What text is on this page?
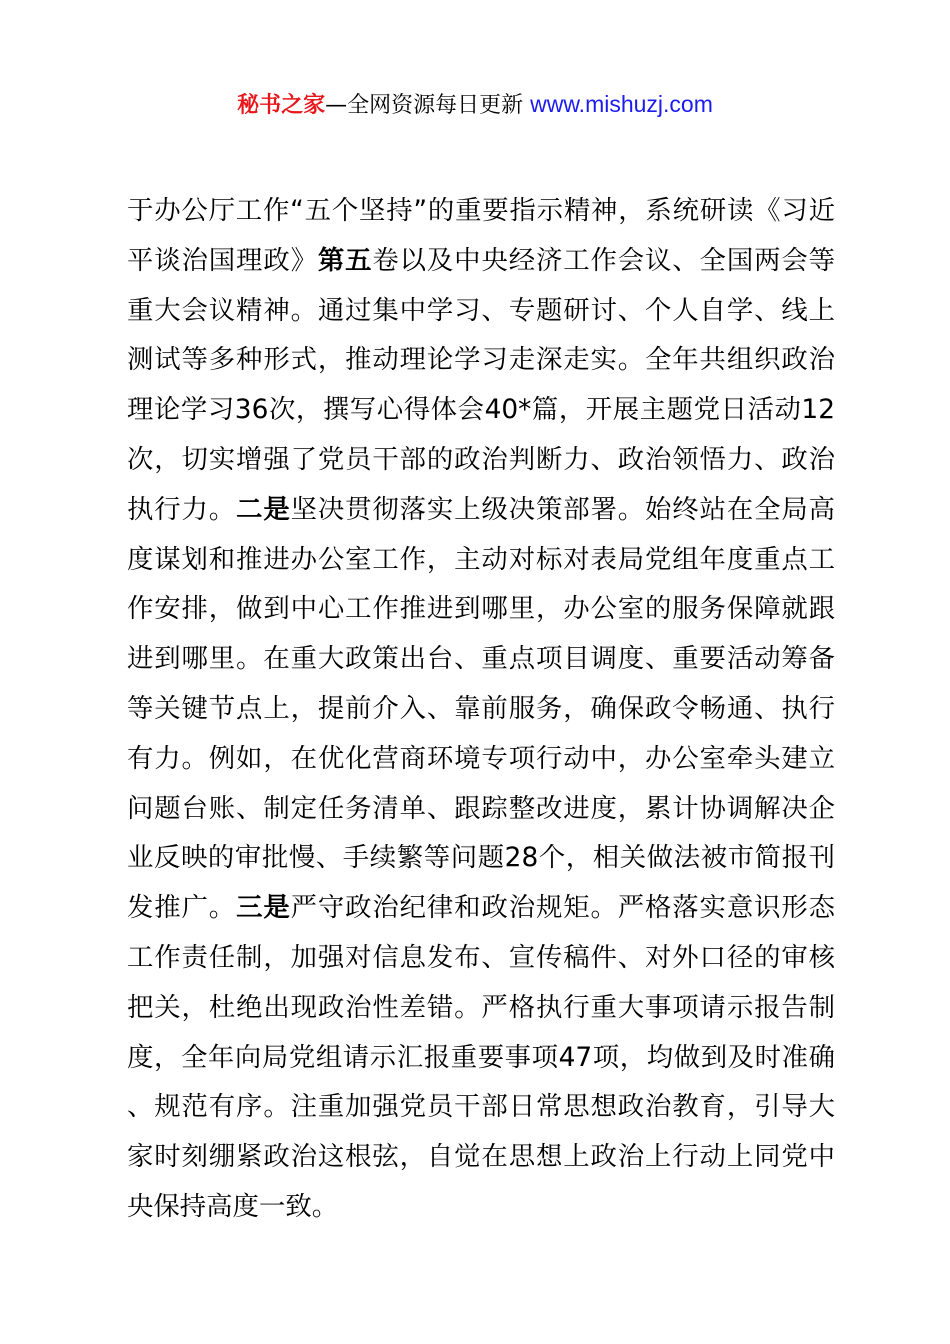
秘书之家—全网资源每日更新 www.mishuzj.com

于办公厅工作“五个坚持”的重要指示精神，系统研读《习近平谈治国理政》第五卷以及中央经济工作会议、全国两会等重大会议精神。通过集中学习、专题研讨、个人自学、线上测试等多种形式，推动理论学习走深走实。全年共组织政治理论学习36次，撰写心得体会40*篇，开展主题党日活动12次，切实增强了党员干部的政治判断力、政治领悟力、政治执行力。二是坚决贯彻落实上级决策部署。始终站在全局高度谋划和推进办公室工作，主动对标对表局党组年度重点工作安排，做到中心工作推进到哪里，办公室的服务保障就跟进到哪里。在重大政策出台、重点项目调度、重要活动筹备等关键节点上，提前介入、靠前服务，确保政令畅通、执行有力。例如，在优化营商环境专项行动中，办公室牵头建立问题台账、制定任务清单、跟踪整改进度，累计协调解决企业反映的审批慢、手续繁等问题28个，相关做法被市简报刊发推广。三是严守政治纪律和政治规矩。严格落实意识形态工作责任制，加强对信息发布、宣传稿件、对外口径的审核把关，杜绝出现政治性差错。严格执行重大事项请示报告制度，全年向局党组请示汇报重要事项47项，均做到及时准确、规范有序。注重加强党员干部日常思想政治教育，引导大家时刻绷紧政治这根弦，自觉在思想上政治上行动上同党中央保持高度一致。
